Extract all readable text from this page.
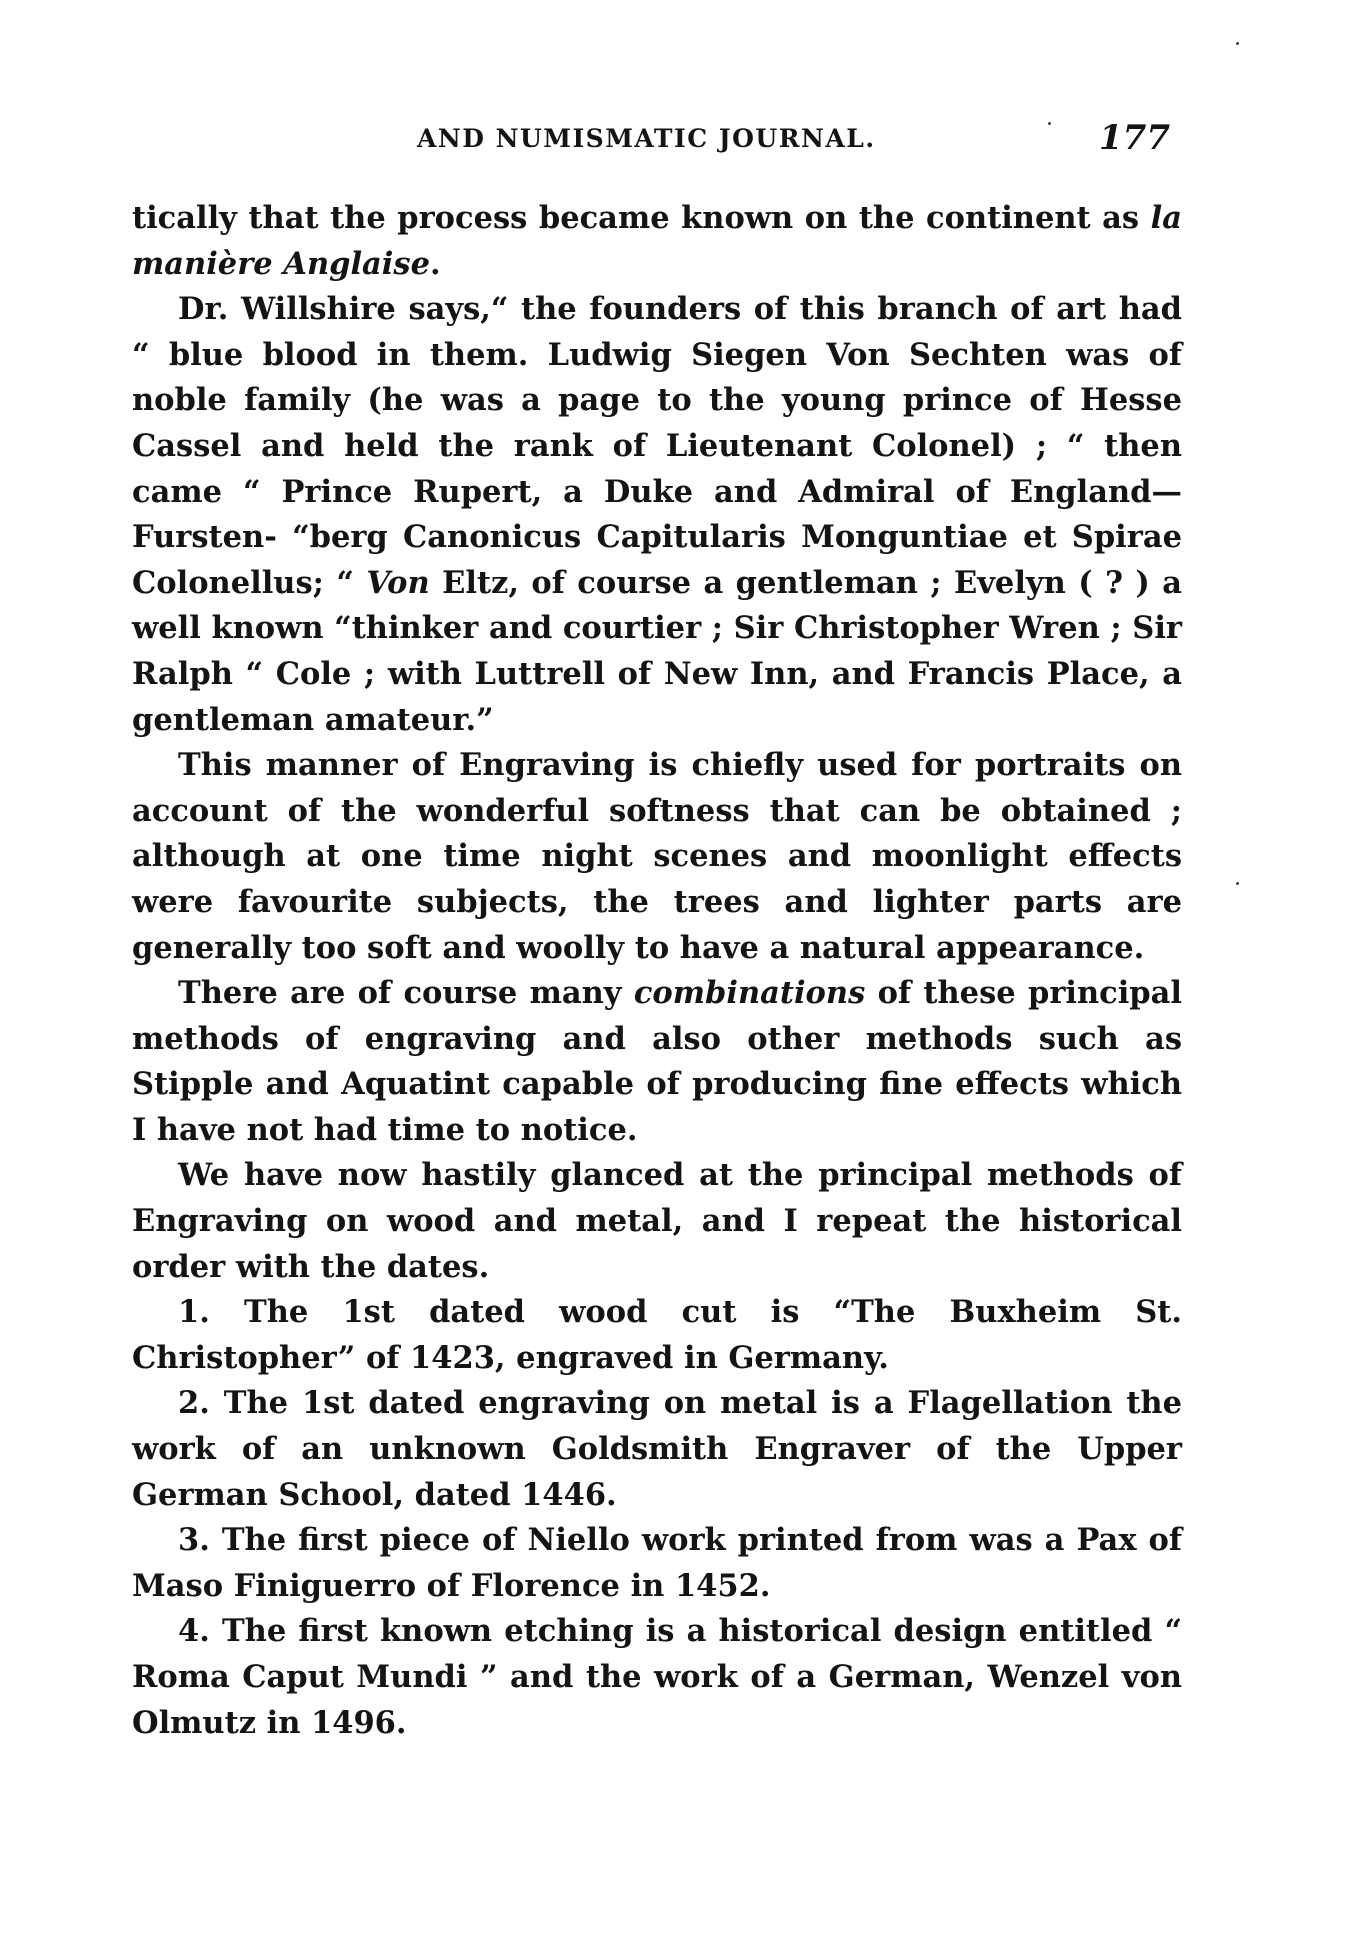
AND NUMISMATIC JOURNAL.	177

tically that the process became known on the continent as la manière Anglaise.

Dr. Willshire says,“ the founders of this branch of art had “ blue blood in them. Ludwig Siegen Von Sechten was of noble family (he was a page to the young prince of Hesse Cassel and held the rank of Lieutenant Colonel) ; “ then came “ Prince Rupert, a Duke and Admiral of England—Fursten- “berg Canonicus Capitularis Monguntiae et Spirae Colonellus; “ Von Eltz, of course a gentleman ; Evelyn ( ? ) a well known “thinker and courtier ; Sir Christopher Wren ; Sir Ralph “ Cole ; with Luttrell of New Inn, and Francis Place, a gentleman amateur.”

This manner of Engraving is chiefly used for portraits on account of the wonderful softness that can be obtained ; although at one time night scenes and moonlight effects were favourite subjects, the trees and lighter parts are generally too soft and woolly to have a natural appearance.

There are of course many combinations of these principal methods of engraving and also other methods such as Stipple and Aquatint capable of producing fine effects which I have not had time to notice.

We have now hastily glanced at the principal methods of Engraving on wood and metal, and I repeat the historical order with the dates.

1. The 1st dated wood cut is “The Buxheim St. Christopher” of 1423, engraved in Germany.

2. The 1st dated engraving on metal is a Flagellation the work of an unknown Goldsmith Engraver of the Upper German School, dated 1446.

3. The first piece of Niello work printed from was a Pax of Maso Finiguerro of Florence in 1452.

4. The first known etching is a historical design entitled “ Roma Caput Mundi ” and the work of a German, Wenzel von Olmutz in 1496.
